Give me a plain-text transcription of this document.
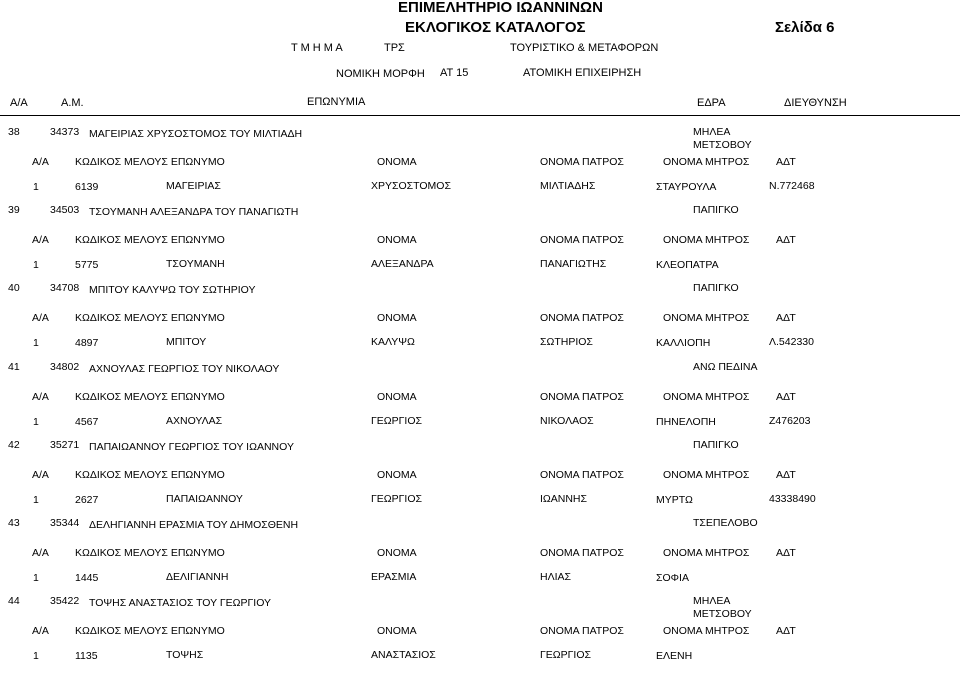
ΕΠΙΜΕΛΗΤΗΡΙΟ ΙΩΑΝΝΙΝΩΝ
ΕΚΛΟΓΙΚΟΣ ΚΑΤΑΛΟΓΟΣ	Σελίδα 6
Τ Μ Η Μ Α	ΤΡΣ	ΤΟΥΡΙΣΤΙΚΟ & ΜΕΤΑΦΟΡΩΝ
ΝΟΜΙΚΗ ΜΟΡΦΗ ΑΤ 15	ΑΤΟΜΙΚΗ ΕΠΙΧΕΙΡΗΣΗ
Α/Α	Α.Μ.	ΕΠΩΝΥΜΙΑ	ΕΔΡΑ	ΔΙΕΥΘΥΝΣΗ
38	34373 ΜΑΓΕΙΡΙΑΣ ΧΡΥΣΟΣΤΟΜΟΣ ΤΟΥ ΜΙΛΤΙΑΔΗ	ΜΗΛΕΑ
ΜΕΤΣΟΒΟΥ
Α/Α ΚΩΔΙΚΟΣ ΜΕΛΟΥΣ ΕΠΩΝΥΜΟ	ΟΝΟΜΑ	ΟΝΟΜΑ ΠΑΤΡΟΣ	ΟΝΟΜΑ ΜΗΤΡΟΣ	ΑΔΤ
1	6139	ΜΑΓΕΙΡΙΑΣ	ΧΡΥΣΟΣΤΟΜΟΣ	ΜΙΛΤΙΑΔΗΣ	ΣΤΑΥΡΟΥΛΑ	Ν.772468
39	34503 ΤΣΟΥΜΑΝΗ ΑΛΕΞΑΝΔΡΑ ΤΟΥ ΠΑΝΑΓΙΩΤΗ	ΠΑΠΙΓΚΟ
Α/Α ΚΩΔΙΚΟΣ ΜΕΛΟΥΣ ΕΠΩΝΥΜΟ	ΟΝΟΜΑ	ΟΝΟΜΑ ΠΑΤΡΟΣ	ΟΝΟΜΑ ΜΗΤΡΟΣ	ΑΔΤ
1	5775	ΤΣΟΥΜΑΝΗ	ΑΛΕΞΑΝΔΡΑ	ΠΑΝΑΓΙΩΤΗΣ	ΚΛΕΟΠΑΤΡΑ
40	34708 ΜΠΙΤΟΥ ΚΑΛΥΨΩ ΤΟΥ ΣΩΤΗΡΙΟΥ	ΠΑΠΙΓΚΟ
Α/Α ΚΩΔΙΚΟΣ ΜΕΛΟΥΣ ΕΠΩΝΥΜΟ	ΟΝΟΜΑ	ΟΝΟΜΑ ΠΑΤΡΟΣ	ΟΝΟΜΑ ΜΗΤΡΟΣ	ΑΔΤ
1	4897	ΜΠΙΤΟΥ	ΚΑΛΥΨΩ	ΣΩΤΗΡΙΟΣ	ΚΑΛΛΙΟΠΗ	Λ.542330
41	34802 ΑΧΝΟΥΛΑΣ ΓΕΩΡΓΙΟΣ ΤΟΥ ΝΙΚΟΛΑΟΥ	ΑΝΩ ΠΕΔΙΝΑ
Α/Α ΚΩΔΙΚΟΣ ΜΕΛΟΥΣ ΕΠΩΝΥΜΟ	ΟΝΟΜΑ	ΟΝΟΜΑ ΠΑΤΡΟΣ	ΟΝΟΜΑ ΜΗΤΡΟΣ	ΑΔΤ
1	4567	ΑΧΝΟΥΛΑΣ	ΓΕΩΡΓΙΟΣ	ΝΙΚΟΛΑΟΣ	ΠΗΝΕΛΟΠΗ	Ζ476203
42	35271 ΠΑΠΑΙΩΑΝΝΟΥ ΓΕΩΡΓΙΟΣ ΤΟΥ ΙΩΑΝΝΟΥ	ΠΑΠΙΓΚΟ
Α/Α ΚΩΔΙΚΟΣ ΜΕΛΟΥΣ ΕΠΩΝΥΜΟ	ΟΝΟΜΑ	ΟΝΟΜΑ ΠΑΤΡΟΣ	ΟΝΟΜΑ ΜΗΤΡΟΣ	ΑΔΤ
1	2627	ΠΑΠΑΙΩΑΝΝΟΥ	ΓΕΩΡΓΙΟΣ	ΙΩΑΝΝΗΣ	ΜΥΡΤΩ	43338490
43	35344 ΔΕΛΗΓΙΑΝΝΗ ΕΡΑΣΜΙΑ ΤΟΥ ΔΗΜΟΣΘΕΝΗ	ΤΣΕΠΕΛΟΒΟ
Α/Α ΚΩΔΙΚΟΣ ΜΕΛΟΥΣ ΕΠΩΝΥΜΟ	ΟΝΟΜΑ	ΟΝΟΜΑ ΠΑΤΡΟΣ	ΟΝΟΜΑ ΜΗΤΡΟΣ	ΑΔΤ
1	1445	ΔΕΛΙΓΙΑΝΝΗ	ΕΡΑΣΜΙΑ	ΗΛΙΑΣ	ΣΟΦΙΑ
44	35422 ΤΟΨΗΣ ΑΝΑΣΤΑΣΙΟΣ ΤΟΥ ΓΕΩΡΓΙΟΥ	ΜΗΛΕΑ
ΜΕΤΣΟΒΟΥ
Α/Α ΚΩΔΙΚΟΣ ΜΕΛΟΥΣ ΕΠΩΝΥΜΟ	ΟΝΟΜΑ	ΟΝΟΜΑ ΠΑΤΡΟΣ	ΟΝΟΜΑ ΜΗΤΡΟΣ	ΑΔΤ
1	1135	ΤΟΨΗΣ	ΑΝΑΣΤΑΣΙΟΣ	ΓΕΩΡΓΙΟΣ	ΕΛΕΝΗ
